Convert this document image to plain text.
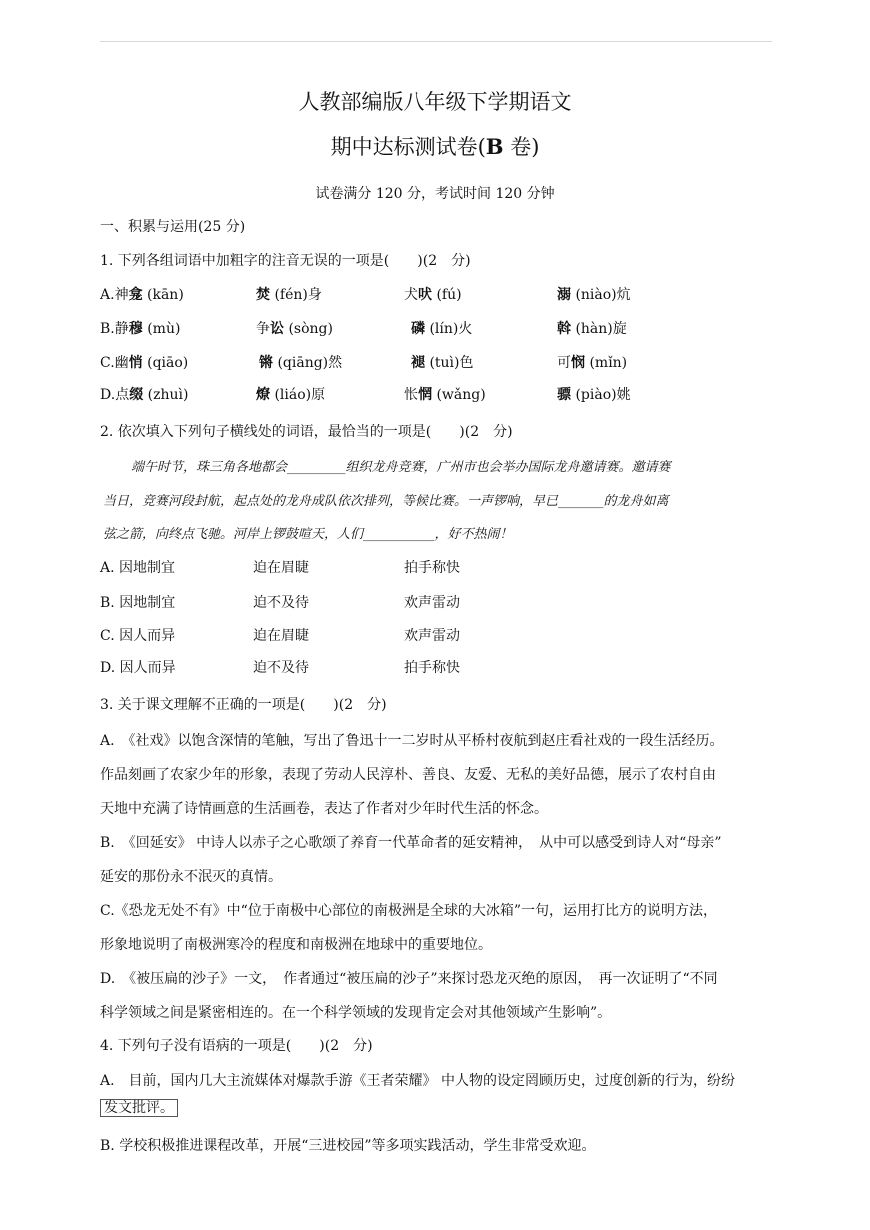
人教部编版八年级下学期语文
期中达标测试卷(B 卷)
试卷满分 120 分，考试时间 120 分钟
一、积累与运用(25 分)
1. 下列各组词语中加粗字的注音无误的一项是(　　)(2　分)
A.神龛 (kān)	焚 (fén)身	犬吠 (fú)	溺 (niào)炕
B.静穆 (mù)	争讼 (sòng)	磷 (lín)火	斡 (hàn)旋
C.幽悄 (qiāo)	锵 (qiāng)然	褪 (tuì)色	可悯 (mǐn)
D.点缀 (zhuì)	燎 (liáo)原	怅惘 (wǎng)	骠 (piào)姚
2. 依次填入下列句子横线处的词语，最恰当的一项是(　　)(2　分)
端午时节，珠三角各地都会_________组织龙舟竞赛，广州市也会举办国际龙舟邀请赛。邀请赛
当日，竞赛河段封航，起点处的龙舟成队依次排列，等候比赛。一声锣响，早已_______的龙舟如离
弦之箭，向终点飞驰。河岸上锣鼓喧天，人们___________，好不热闹！
A. 因地制宜	迫在眉睫	拍手称快
B. 因地制宜	迫不及待	欢声雷动
C. 因人而异	迫在眉睫	欢声雷动
D. 因人而异	迫不及待	拍手称快
3. 关于课文理解不正确的一项是(　　)(2　分)
A.　《社戏》以饱含深情的笔触，写出了鲁迅十一二岁时从平桥村夜航到赵庄看社戏的一段生活经历。
作品刻画了农家少年的形象，表现了劳动人民淳朴、善良、友爱、无私的美好品德，展示了农村自由
天地中充满了诗情画意的生活画卷，表达了作者对少年时代生活的怀念。
B.　《回延安》 中诗人以赤子之心歌颂了养育一代革命者的延安精神，　从中可以感受到诗人对“母亲”
延安的那份永不泯灭的真情。
C.《恐龙无处不有》中“位于南极中心部位的南极洲是全球的大冰箱”一句，运用打比方的说明方法，
形象地说明了南极洲寒冷的程度和南极洲在地球中的重要地位。
D.　《被压扁的沙子》一文，　作者通过“被压扁的沙子”来探讨恐龙灭绝的原因，　再一次证明了“不同
科学领域之间是紧密相连的。在一个科学领域的发现肯定会对其他领域产生影响”。
4. 下列句子没有语病的一项是(　　)(2　分)
A.　目前，国内几大主流媒体对爆款手游《王者荣耀》 中人物的设定罔顾历史，过度创新的行为，纷纷
发文批评。
B. 学校积极推进课程改革，开展“三进校园”等多项实践活动，学生非常受欢迎。
